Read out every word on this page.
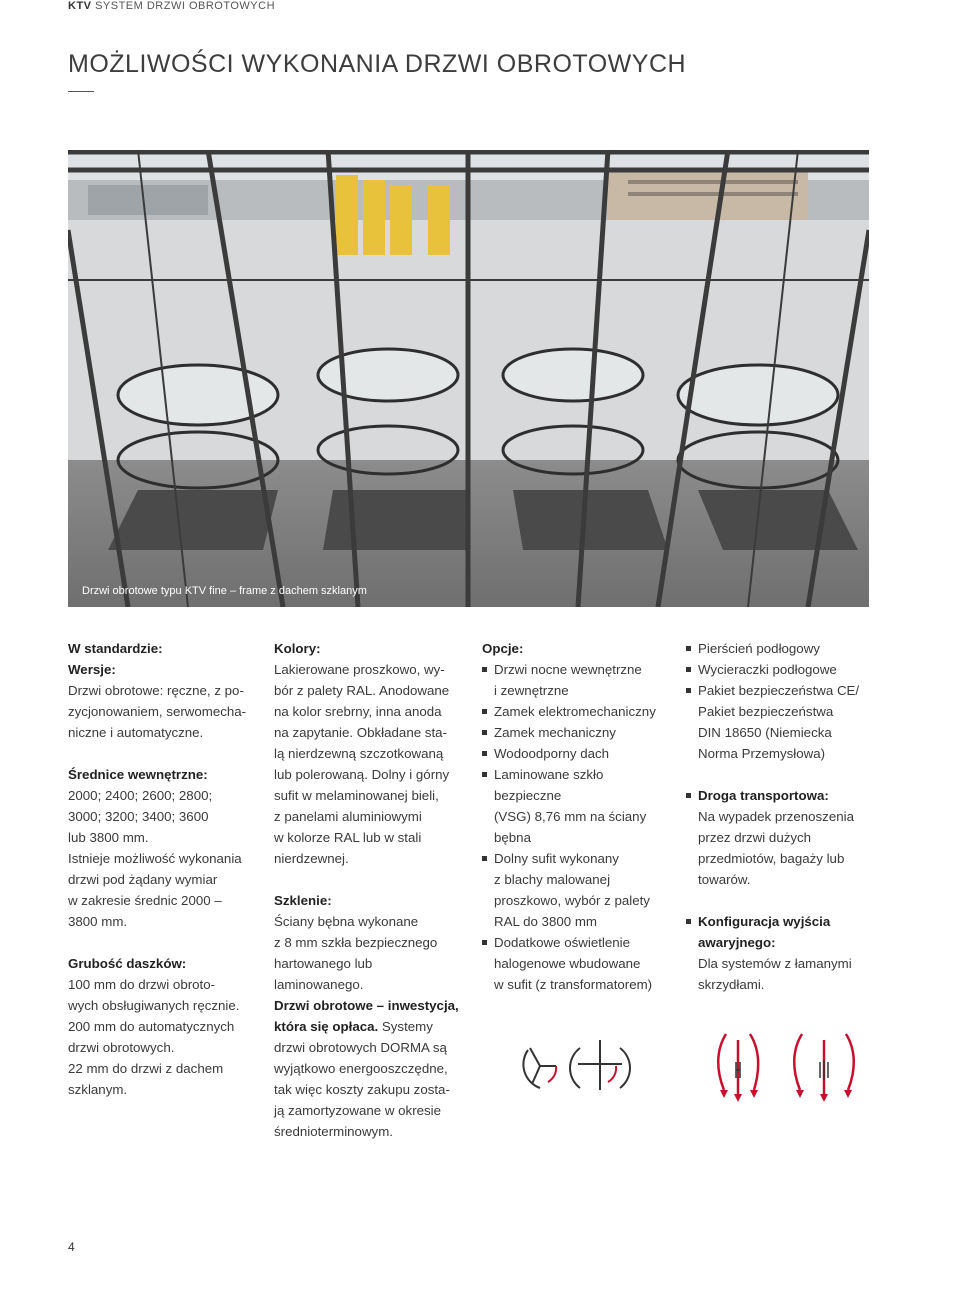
KTV SYSTEM DRZWI OBROTOWYCH
MOŻLIWOŚCI WYKONANIA DRZWI OBROTOWYCH
Drzwi obrotowe typu KTV fine – frame z dachem szklanym

W standardzie:

Wersje:

Drzwi obrotowe: ręczne, z po-

zycjonowaniem, serwomecha-

niczne i automatyczne.

Średnice wewnętrzne:

2000; 2400; 2600; 2800;

3000; 3200; 3400; 3600

lub 3800 mm.

Istnieje możliwość wykonania

drzwi pod żądany wymiar

w zakresie średnic 2000 –

3800 mm.

Grubość daszków:

100 mm do drzwi obroto-

wych obsługiwanych ręcznie.

200 mm do automatycznych

drzwi obrotowych.

22 mm do drzwi z dachem

szklanym.

Kolory:

Lakierowane proszkowo, wy-

bór z palety RAL. Anodowane

na kolor srebrny, inna anoda

na zapytanie. Obkładane sta-

lą nierdzewną szczotkowaną

lub polerowaną. Dolny i górny

sufit w melaminowanej bieli,

z panelami aluminiowymi

w kolorze RAL lub w stali

nierdzewnej.

Szklenie:

Ściany bębna wykonane

z 8 mm szkła bezpiecznego

hartowanego lub

laminowanego.

Drzwi obrotowe – inwestycja,

która się opłaca. Systemy

drzwi obrotowych DORMA są

wyjątkowo energooszczędne,

tak więc koszty zakupu zosta-

ją zamortyzowane w okresie

średnioterminowym.

Opcje:

Drzwi nocne wewnętrzne
i zewnętrzne
Zamek elektromechaniczny
Zamek mechaniczny
Wodoodporny dach
Laminowane szkło
bezpieczne
(VSG) 8,76 mm na ściany
bębna
Dolny sufit wykonany
z blachy malowanej
proszkowo, wybór z palety
RAL do 3800 mm
Dodatkowe oświetlenie
halogenowe wbudowane
w sufit (z transformatorem)
Pierścień podłogowy
Wycieraczki podłogowe
Pakiet bezpieczeństwa CE/
Pakiet bezpieczeństwa
DIN 18650 (Niemiecka
Norma Przemysłowa)
Droga transportowa:
Na wypadek przenoszenia
przez drzwi dużych
przedmiotów, bagaży lub
towarów.
Konfiguracja wyjścia
awaryjnego:
Dla systemów z łamanymi
skrzydłami.
4
